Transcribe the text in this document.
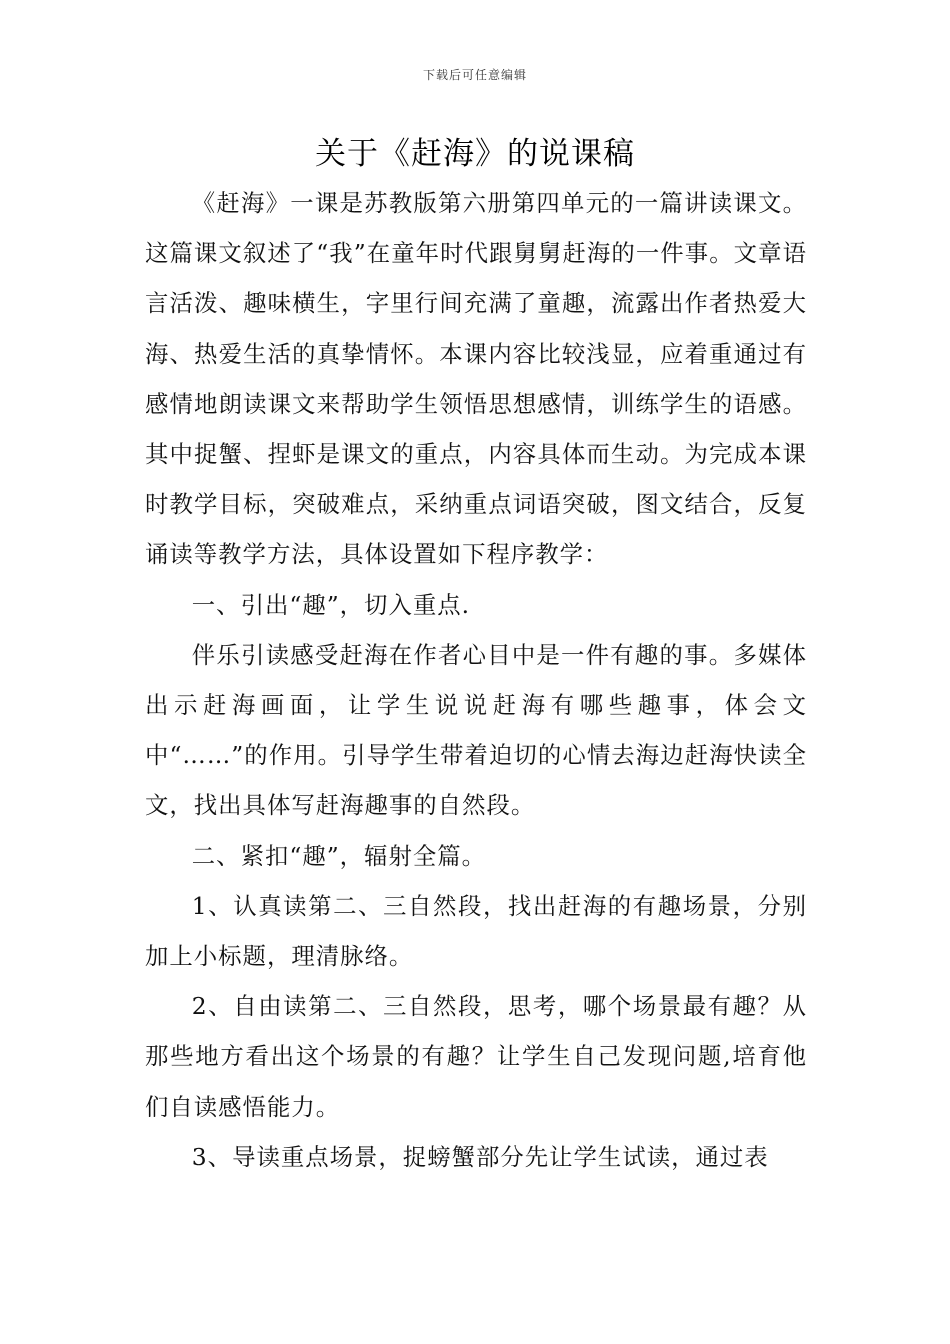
下载后可任意编辑
关于《赶海》的说课稿

《赶海》一课是苏教版第六册第四单元的一篇讲读课文。这篇课文叙述了“我”在童年时代跟舅舅赶海的一件事。文章语言活泼、趣味横生，字里行间充满了童趣，流露出作者热爱大海、热爱生活的真挚情怀。本课内容比较浅显，应着重通过有感情地朗读课文来帮助学生领悟思想感情，训练学生的语感。其中捉蟹、捏虾是课文的重点，内容具体而生动。为完成本课时教学目标，突破难点，采纳重点词语突破，图文结合，反复诵读等教学方法，具体设置如下程序教学：

一、引出“趣”，切入重点.

伴乐引读感受赶海在作者心目中是一件有趣的事。多媒体出示赶海画面，让学生说说赶海有哪些趣事，体会文中“……”的作用。引导学生带着迫切的心情去海边赶海快读全文，找出具体写赶海趣事的自然段。

二、紧扣“趣”，辐射全篇。

1、认真读第二、三自然段，找出赶海的有趣场景，分别加上小标题，理清脉络。

2、自由读第二、三自然段，思考，哪个场景最有趣？从那些地方看出这个场景的有趣？让学生自己发现问题,培育他们自读感悟能力。

3、导读重点场景，捉螃蟹部分先让学生试读，通过表
